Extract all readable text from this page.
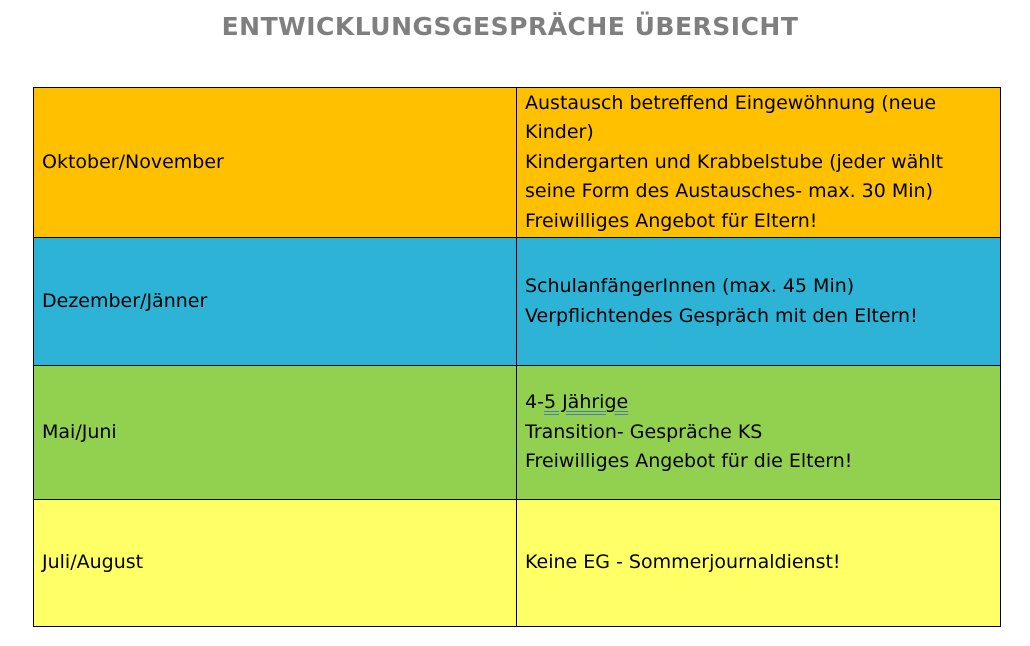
ENTWICKLUNGSGESPRÄCHE ÜBERSICHT
Oktober/November	Austausch betreffend Eingewöhnung (neue Kinder)
Kindergarten und Krabbelstube (jeder wählt seine Form des Austausches- max. 30 Min)
Freiwilliges Angebot für Eltern!

Dezember/Jänner	SchulanfängerInnen (max. 45 Min)
Verpflichtendes Gespräch mit den Eltern!

Mai/Juni	4-5 Jährige
Transition- Gespräche KS
Freiwilliges Angebot für die Eltern!

Juli/August	Keine EG - Sommerjournaldienst!
